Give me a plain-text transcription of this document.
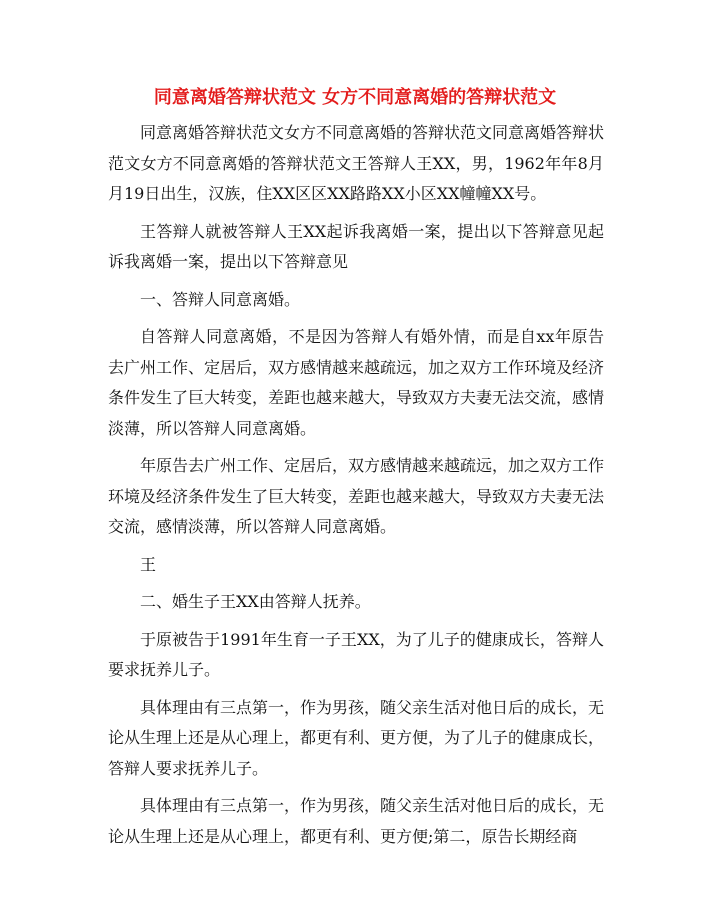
同意离婚答辩状范文 女方不同意离婚的答辩状范文

同意离婚答辩状范文女方不同意离婚的答辩状范文同意离婚答辩状范文女方不同意离婚的答辩状范文王答辩人王XX，男，1962年年8月月19日出生，汉族，住XX区区XX路路XX小区XX幢幢XX号。

王答辩人就被答辩人王XX起诉我离婚一案，提出以下答辩意见起诉我离婚一案，提出以下答辩意见

一、答辩人同意离婚。

自答辩人同意离婚，不是因为答辩人有婚外情，而是自xx年原告去广州工作、定居后，双方感情越来越疏远，加之双方工作环境及经济条件发生了巨大转变，差距也越来越大，导致双方夫妻无法交流，感情淡薄，所以答辩人同意离婚。

年原告去广州工作、定居后，双方感情越来越疏远，加之双方工作环境及经济条件发生了巨大转变，差距也越来越大，导致双方夫妻无法交流，感情淡薄，所以答辩人同意离婚。

王

二、婚生子王XX由答辩人抚养。

于原被告于1991年生育一子王XX，为了儿子的健康成长，答辩人要求抚养儿子。

具体理由有三点第一，作为男孩，随父亲生活对他日后的成长，无论从生理上还是从心理上，都更有利、更方便，为了儿子的健康成长，答辩人要求抚养儿子。

具体理由有三点第一，作为男孩，随父亲生活对他日后的成长，无论从生理上还是从心理上，都更有利、更方便;第二，原告长期经商
